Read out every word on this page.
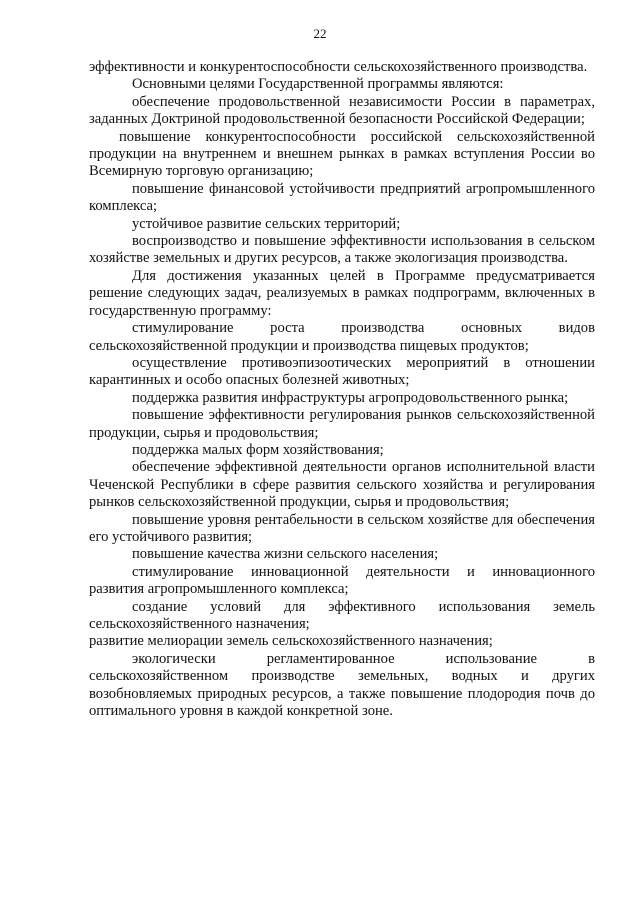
22

эффективности и конкурентоспособности сельскохозяйственного производства.

Основными целями Государственной программы являются:

обеспечение продовольственной независимости России в параметрах, заданных Доктриной продовольственной безопасности Российской Федерации;

повышение конкурентоспособности российской сельскохозяйственной продукции на внутреннем и внешнем рынках в рамках вступления России во Всемирную торговую организацию;

повышение финансовой устойчивости предприятий агропромышленного комплекса;

устойчивое развитие сельских территорий;

воспроизводство и повышение эффективности использования в сельском хозяйстве земельных и других ресурсов, а также экологизация производства.

Для достижения указанных целей в Программе предусматривается решение следующих задач, реализуемых в рамках подпрограмм, включенных в государственную программу:

стимулирование роста производства основных видов сельскохозяйственной продукции и производства пищевых продуктов;

осуществление противоэпизоотических мероприятий в отношении карантинных и особо опасных болезней животных;

поддержка развития инфраструктуры агропродовольственного рынка;

повышение эффективности регулирования рынков сельскохозяйственной продукции, сырья и продовольствия;

поддержка малых форм хозяйствования;

обеспечение эффективной деятельности органов исполнительной власти Чеченской Республики в сфере развития сельского хозяйства и регулирования рынков сельскохозяйственной продукции, сырья и продовольствия;

повышение уровня рентабельности в сельском хозяйстве для обеспечения его устойчивого развития;

повышение качества жизни сельского населения;

стимулирование инновационной деятельности и инновационного развития агропромышленного комплекса;

создание условий для эффективного использования земель сельскохозяйственного назначения;

развитие мелиорации земель сельскохозяйственного назначения;

экологически регламентированное использование в сельскохозяйственном производстве земельных, водных и других возобновляемых природных ресурсов, а также повышение плодородия почв до оптимального уровня в каждой конкретной зоне.
